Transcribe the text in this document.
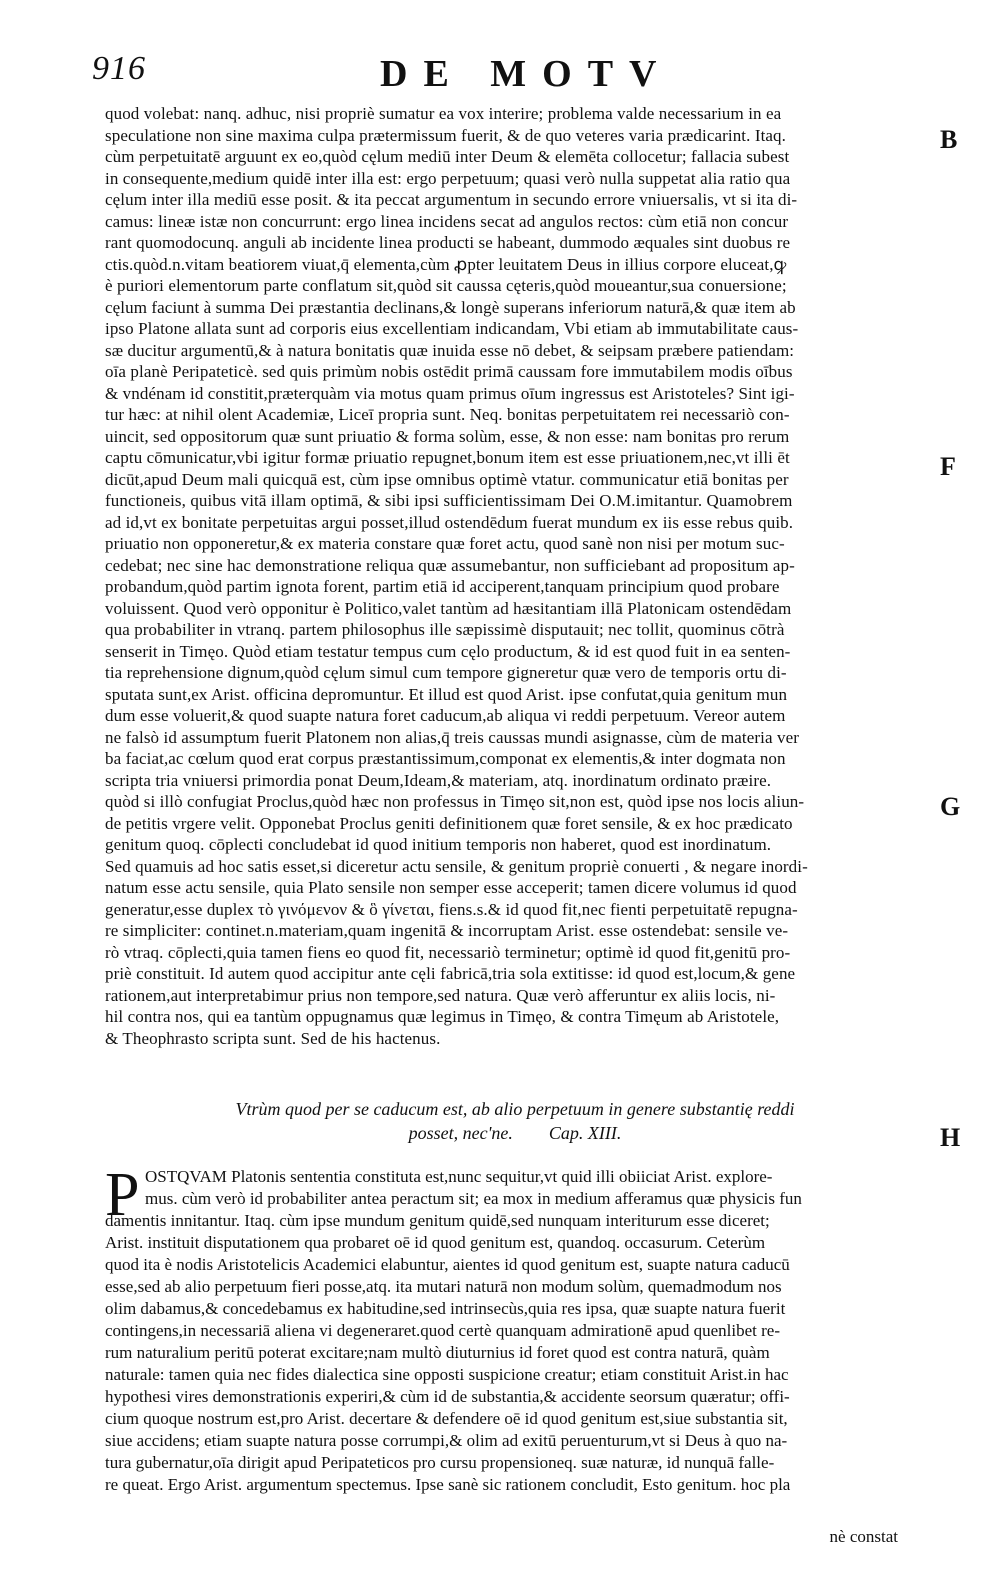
916	DE MOTV
B
F
G
H
quod volebat: nanq. adhuc, nisi propriè sumatur ea vox interire; problema valde necessarium in ea
speculatione non sine maxima culpa prætermissum fuerit, & de quo veteres varia prædicarint. Itaq.
cùm perpetuitatē arguunt ex eo,quòd cęlum mediū inter Deum & elemēta collocetur; fallacia subest
in consequente,medium quidē inter illa est: ergo perpetuum; quasi verò nulla suppetat alia ratio qua
cęlum inter illa mediū esse posit. & ita peccat argumentum in secundo errore vniuersalis, vt si ita di-
camus: lineæ istæ non concurrunt: ergo linea incidens secat ad angulos rectos: cùm etiā non concur
rant quomodocunq. anguli ab incidente linea producti se habeant, dummodo æquales sint duobus re
ctis.quòd.n.vitam beatiorem viuat,q̄ elementa,cùm ꝓpter leuitatem Deus in illius corpore eluceat,ꝙ
è puriori elementorum parte conflatum sit,quòd sit caussa cęteris,quòd moueantur,sua conuersione;
cęlum faciunt à summa Dei præstantia declinans,& longè superans inferiorum naturā,& quæ item ab
ipso Platone allata sunt ad corporis eius excellentiam indicandam, Vbi etiam ab immutabilitate caus-
sæ ducitur argumentū,& à natura bonitatis quæ inuida esse nō debet, & seipsam præbere patiendam:
oīa planè Peripateticè. sed quis primùm nobis ostēdit primā caussam fore immutabilem modis oībus
& vndénam id constitit,præterquàm via motus quam primus oīum ingressus est Aristoteles? Sint igi-
tur hæc: at nihil olent Academiæ, Liceī propria sunt. Neq. bonitas perpetuitatem rei necessariò con-
uincit, sed oppositorum quæ sunt priuatio & forma solùm, esse, & non esse: nam bonitas pro rerum
captu cōmunicatur,vbi igitur formæ priuatio repugnet,bonum item est esse priuationem,nec,vt illi ēt
dicūt,apud Deum mali quicquā est, cùm ipse omnibus optimè vtatur. communicatur etiā bonitas per
functioneis, quibus vitā illam optimā, & sibi ipsi sufficientissimam Dei O.M.imitantur. Quamobrem
ad id,vt ex bonitate perpetuitas argui posset,illud ostendēdum fuerat mundum ex iis esse rebus quib.
priuatio non opponeretur,& ex materia constare quæ foret actu, quod sanè non nisi per motum suc-
cedebat; nec sine hac demonstratione reliqua quæ assumebantur, non sufficiebant ad propositum ap-
probandum,quòd partim ignota forent, partim etiā id acciperent,tanquam principium quod probare
voluissent. Quod verò opponitur è Politico,valet tantùm ad hæsitantiam illā Platonicam ostendēdam
qua probabiliter in vtranq. partem philosophus ille sæpissimè disputauit; nec tollit, quominus cōtrà
senserit in Timęo. Quòd etiam testatur tempus cum cęlo productum, & id est quod fuit in ea senten-
tia reprehensione dignum,quòd cęlum simul cum tempore gigneretur quæ vero de temporis ortu di-
sputata sunt,ex Arist. officina depromuntur. Et illud est quod Arist. ipse confutat,quia genitum mun
dum esse voluerit,& quod suapte natura foret caducum,ab aliqua vi reddi perpetuum. Vereor autem
ne falsò id assumptum fuerit Platonem non alias,q̄ treis caussas mundi asignasse, cùm de materia ver
ba faciat,ac cœlum quod erat corpus præstantissimum,componat ex elementis,& inter dogmata non
scripta tria vniuersi primordia ponat Deum,Ideam,& materiam, atq. inordinatum ordinato præire.
quòd si illò confugiat Proclus,quòd hæc non professus in Timęo sit,non est, quòd ipse nos locis aliun-
de petitis vrgere velit. Opponebat Proclus geniti definitionem quæ foret sensile, & ex hoc prædicato
genitum quoq. cōplecti concludebat id quod initium temporis non haberet, quod est inordinatum.
Sed quamuis ad hoc satis esset,si diceretur actu sensile, & genitum propriè conuerti , & negare inordi-
natum esse actu sensile, quia Plato sensile non semper esse acceperit; tamen dicere volumus id quod
generatur,esse duplex τὸ γινόμενον & ὃ γίνεται, fiens.s.& id quod fit,nec fienti perpetuitatē repugna-
re simpliciter: continet.n.materiam,quam ingenitā & incorruptam Arist. esse ostendebat: sensile ve-
rò vtraq. cōplecti,quia tamen fiens eo quod fit, necessariò terminetur; optimè id quod fit,genitū pro-
priè constituit. Id autem quod accipitur ante cęli fabricā,tria sola extitisse: id quod est,locum,& gene
rationem,aut interpretabimur prius non tempore,sed natura. Quæ verò afferuntur ex aliis locis, ni-
hil contra nos, qui ea tantùm oppugnamus quæ legimus in Timęo, & contra Timęum ab Aristotele,
& Theophrasto scripta sunt. Sed de his hactenus.
Vtrùm quod per se caducum est, ab alio perpetuum in genere substantię reddi
posset, nec'ne.        Cap. XIII.
P OSTQVAM Platonis sententia constituta est,nunc sequitur,vt quid illi obiiciat Arist. explore-
mus. cùm verò id probabiliter antea peractum sit; ea mox in medium afferamus quæ physicis fun
damentis innitantur. Itaq. cùm ipse mundum genitum quidē,sed nunquam interiturum esse diceret;
Arist. instituit disputationem qua probaret oē id quod genitum est, quandoq. occasurum. Ceterùm
quod ita è nodis Aristotelicis Academici elabuntur, aientes id quod genitum est, suapte natura caducū
esse,sed ab alio perpetuum fieri posse,atq. ita mutari naturā non modum solùm, quemadmodum nos
olim dabamus,& concedebamus ex habitudine,sed intrinsecùs,quia res ipsa, quæ suapte natura fuerit
contingens,in necessariā aliena vi degeneraret.quod certè quanquam admirationē apud quenlibet re-
rum naturalium peritū poterat excitare;nam multò diuturnius id foret quod est contra naturā, quàm
naturale: tamen quia nec fides dialectica sine opposti suspicione creatur; etiam constituit Arist.in hac
hypothesi vires demonstrationis experiri,& cùm id de substantia,& accidente seorsum quæratur; offi-
cium quoque nostrum est,pro Arist. decertare & defendere oē id quod genitum est,siue substantia sit,
siue accidens; etiam suapte natura posse corrumpi,& olim ad exitū peruenturum,vt si Deus à quo na-
tura gubernatur,oīa dirigit apud Peripateticos pro cursu propensioneq. suæ naturæ, id nunquā falle-
re queat. Ergo Arist. argumentum spectemus. Ipse sanè sic rationem concludit, Esto genitum. hoc pla
nè constat
